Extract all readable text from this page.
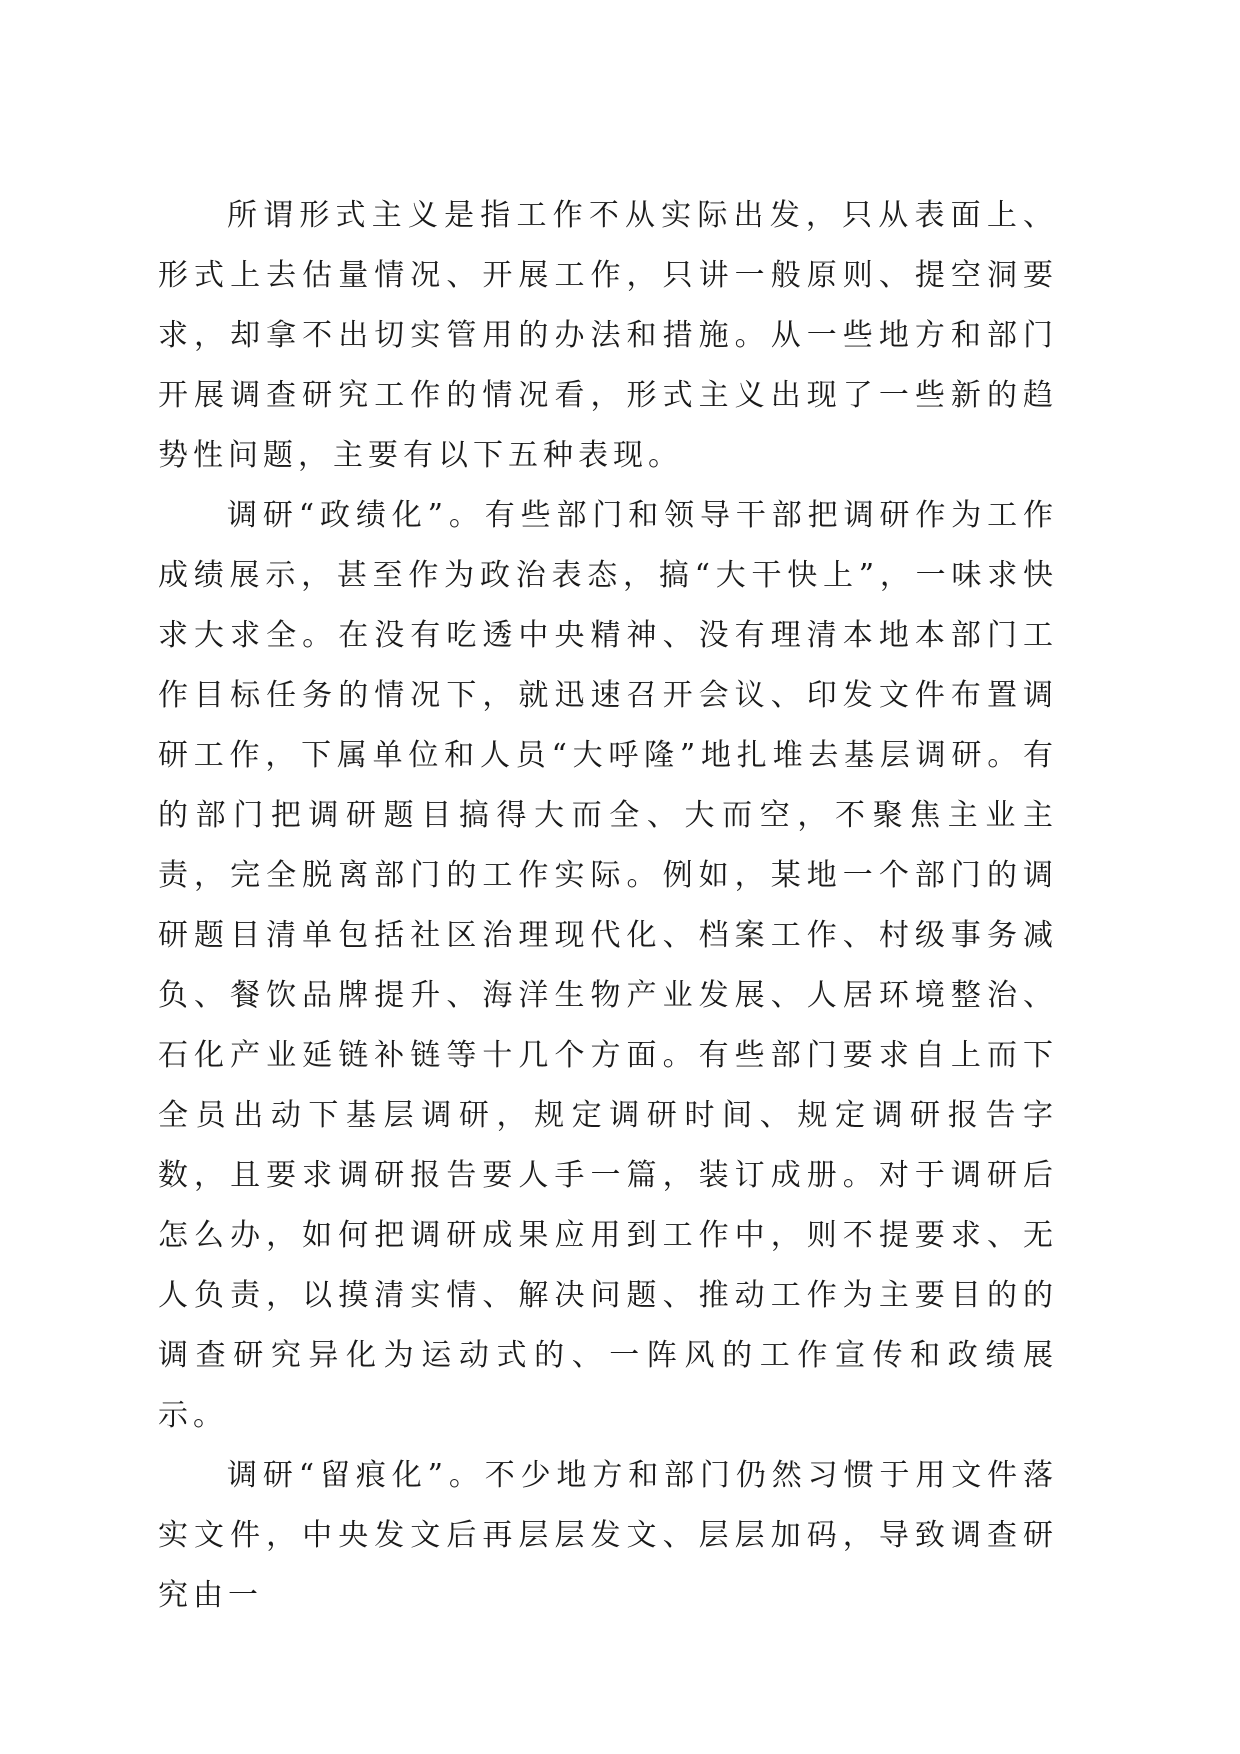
所谓形式主义是指工作不从实际出发，只从表面上、形式上去估量情况、开展工作，只讲一般原则、提空洞要求，却拿不出切实管用的办法和措施。从一些地方和部门开展调查研究工作的情况看，形式主义出现了一些新的趋势性问题，主要有以下五种表现。

调研“政绩化”。有些部门和领导干部把调研作为工作成绩展示，甚至作为政治表态，搞“大干快上”，一味求快求大求全。在没有吃透中央精神、没有理清本地本部门工作目标任务的情况下，就迅速召开会议、印发文件布置调研工作，下属单位和人员“大呼隆”地扎堆去基层调研。有的部门把调研题目搞得大而全、大而空，不聚焦主业主责，完全脱离部门的工作实际。例如，某地一个部门的调研题目清单包括社区治理现代化、档案工作、村级事务减负、餐饮品牌提升、海洋生物产业发展、人居环境整治、石化产业延链补链等十几个方面。有些部门要求自上而下全员出动下基层调研，规定调研时间、规定调研报告字数，且要求调研报告要人手一篇，装订成册。对于调研后怎么办，如何把调研成果应用到工作中，则不提要求、无人负责，以摸清实情、解决问题、推动工作为主要目的的调查研究异化为运动式的、一阵风的工作宣传和政绩展示。

调研“留痕化”。不少地方和部门仍然习惯于用文件落实文件，中央发文后再层层发文、层层加码，导致调查研究由一
